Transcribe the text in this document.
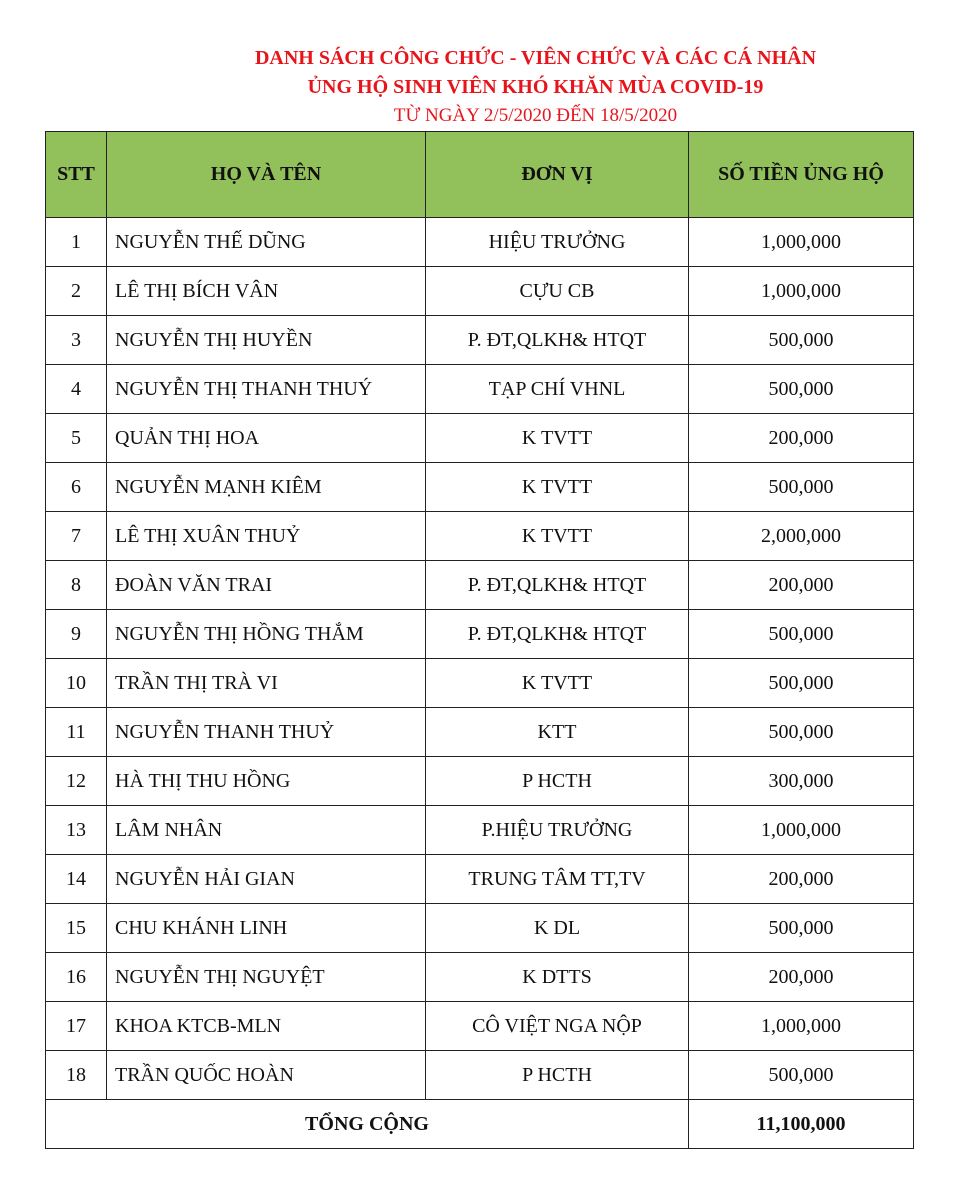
DANH SÁCH CÔNG CHỨC - VIÊN CHỨC VÀ CÁC CÁ NHÂN
ỦNG HỘ SINH VIÊN KHÓ KHĂN MÙA COVID-19
TỪ NGÀY 2/5/2020 ĐẾN 18/5/2020
STT	HỌ VÀ TÊN	ĐƠN VỊ	SỐ TIỀN ỦNG HỘ
1	NGUYỄN THẾ DŨNG	HIỆU TRƯỞNG	1,000,000
2	LÊ THỊ BÍCH VÂN	CỰU CB	1,000,000
3	NGUYỄN THỊ HUYỀN	P. ĐT,QLKH& HTQT	500,000
4	NGUYỄN THỊ THANH THUÝ	TẠP CHÍ VHNL	500,000
5	QUẢN THỊ HOA	K TVTT	200,000
6	NGUYỄN MẠNH KIÊM	K TVTT	500,000
7	LÊ THỊ XUÂN THUỶ	K TVTT	2,000,000
8	ĐOÀN VĂN TRAI	P. ĐT,QLKH& HTQT	200,000
9	NGUYỄN THỊ HỒNG THẮM	P. ĐT,QLKH& HTQT	500,000
10	TRẦN THỊ TRÀ VI	K TVTT	500,000
11	NGUYỄN THANH THUỶ	KTT	500,000
12	HÀ THỊ THU HỒNG	P HCTH	300,000
13	LÂM NHÂN	P.HIỆU TRƯỞNG	1,000,000
14	NGUYỄN HẢI GIAN	TRUNG TÂM TT,TV	200,000
15	CHU KHÁNH LINH	K DL	500,000
16	NGUYỄN THỊ NGUYỆT	K DTTS	200,000
17	KHOA KTCB-MLN	CÔ VIỆT NGA NỘP	1,000,000
18	TRẦN QUỐC HOÀN	P HCTH	500,000
TỔNG CỘNG			11,100,000
